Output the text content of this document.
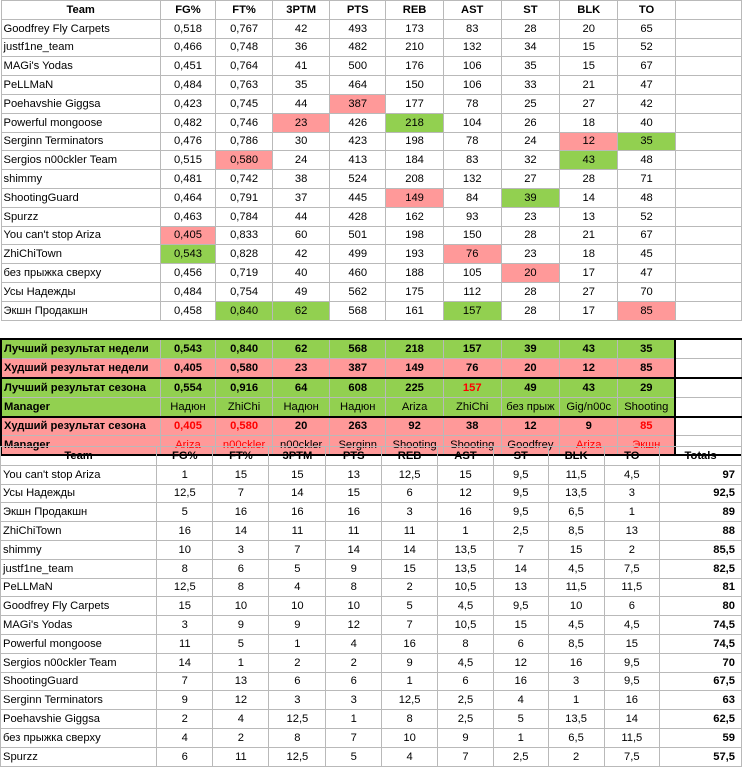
Team	FG%	FT%	3PTM	PTS	REB	AST	ST	BLK	TO	
Goodfrey Fly Carpets	0,518	0,767	42	493	173	83	28	20	65	
justf1ne_team	0,466	0,748	36	482	210	132	34	15	52	
MAGi's Yodas	0,451	0,764	41	500	176	106	35	15	67	
PeLLMaN	0,484	0,763	35	464	150	106	33	21	47	
Poehavshie Giggsa	0,423	0,745	44	387	177	78	25	27	42	
Powerful mongoose	0,482	0,746	23	426	218	104	26	18	40	
Serginn Terminators	0,476	0,786	30	423	198	78	24	12	35	
Sergios n00ckler Team	0,515	0,580	24	413	184	83	32	43	48	
shimmy	0,481	0,742	38	524	208	132	27	28	71	
ShootingGuard	0,464	0,791	37	445	149	84	39	14	48	
Spurzz	0,463	0,784	44	428	162	93	23	13	52	
You can't stop Ariza	0,405	0,833	60	501	198	150	28	21	67	
ZhiChiTown	0,543	0,828	42	499	193	76	23	18	45	
без прыжка сверху	0,456	0,719	40	460	188	105	20	17	47	
Усы Надежды	0,484	0,754	49	562	175	112	28	27	70	
Экшн Продакшн	0,458	0,840	62	568	161	157	28	17	85	

Лучший результат недели	0,543	0,840	62	568	218	157	39	43	35	
Худший результат недели	0,405	0,580	23	387	149	76	20	12	85	
Лучший результат сезона	0,554	0,916	64	608	225	157	49	43	29	
Manager	Надюн	ZhiChi	Надюн	Надюн	Ariza	ZhiChi	без прыж	Gig/n00c	Shooting	
Худший результат сезона	0,405	0,580	20	263	92	38	12	9	85	
Manager	Ariza	n00ckler	n00ckler	Serginn	Shooting	Shooting	Goodfrey	Ariza	Экшн	
Team	FG%	FT%	3PTM	PTS	REB	AST	ST	BLK	TO	Totals
You can't stop Ariza	1	15	15	13	12,5	15	9,5	11,5	4,5	97
Усы Надежды	12,5	7	14	15	6	12	9,5	13,5	3	92,5
Экшн Продакшн	5	16	16	16	3	16	9,5	6,5	1	89
ZhiChiTown	16	14	11	11	11	1	2,5	8,5	13	88
shimmy	10	3	7	14	14	13,5	7	15	2	85,5
justf1ne_team	8	6	5	9	15	13,5	14	4,5	7,5	82,5
PeLLMaN	12,5	8	4	8	2	10,5	13	11,5	11,5	81
Goodfrey Fly Carpets	15	10	10	10	5	4,5	9,5	10	6	80
MAGi's Yodas	3	9	9	12	7	10,5	15	4,5	4,5	74,5
Powerful mongoose	11	5	1	4	16	8	6	8,5	15	74,5
Sergios n00ckler Team	14	1	2	2	9	4,5	12	16	9,5	70
ShootingGuard	7	13	6	6	1	6	16	3	9,5	67,5
Serginn Terminators	9	12	3	3	12,5	2,5	4	1	16	63
Poehavshie Giggsa	2	4	12,5	1	8	2,5	5	13,5	14	62,5
без прыжка сверху	4	2	8	7	10	9	1	6,5	11,5	59
Spurzz	6	11	12,5	5	4	7	2,5	2	7,5	57,5
